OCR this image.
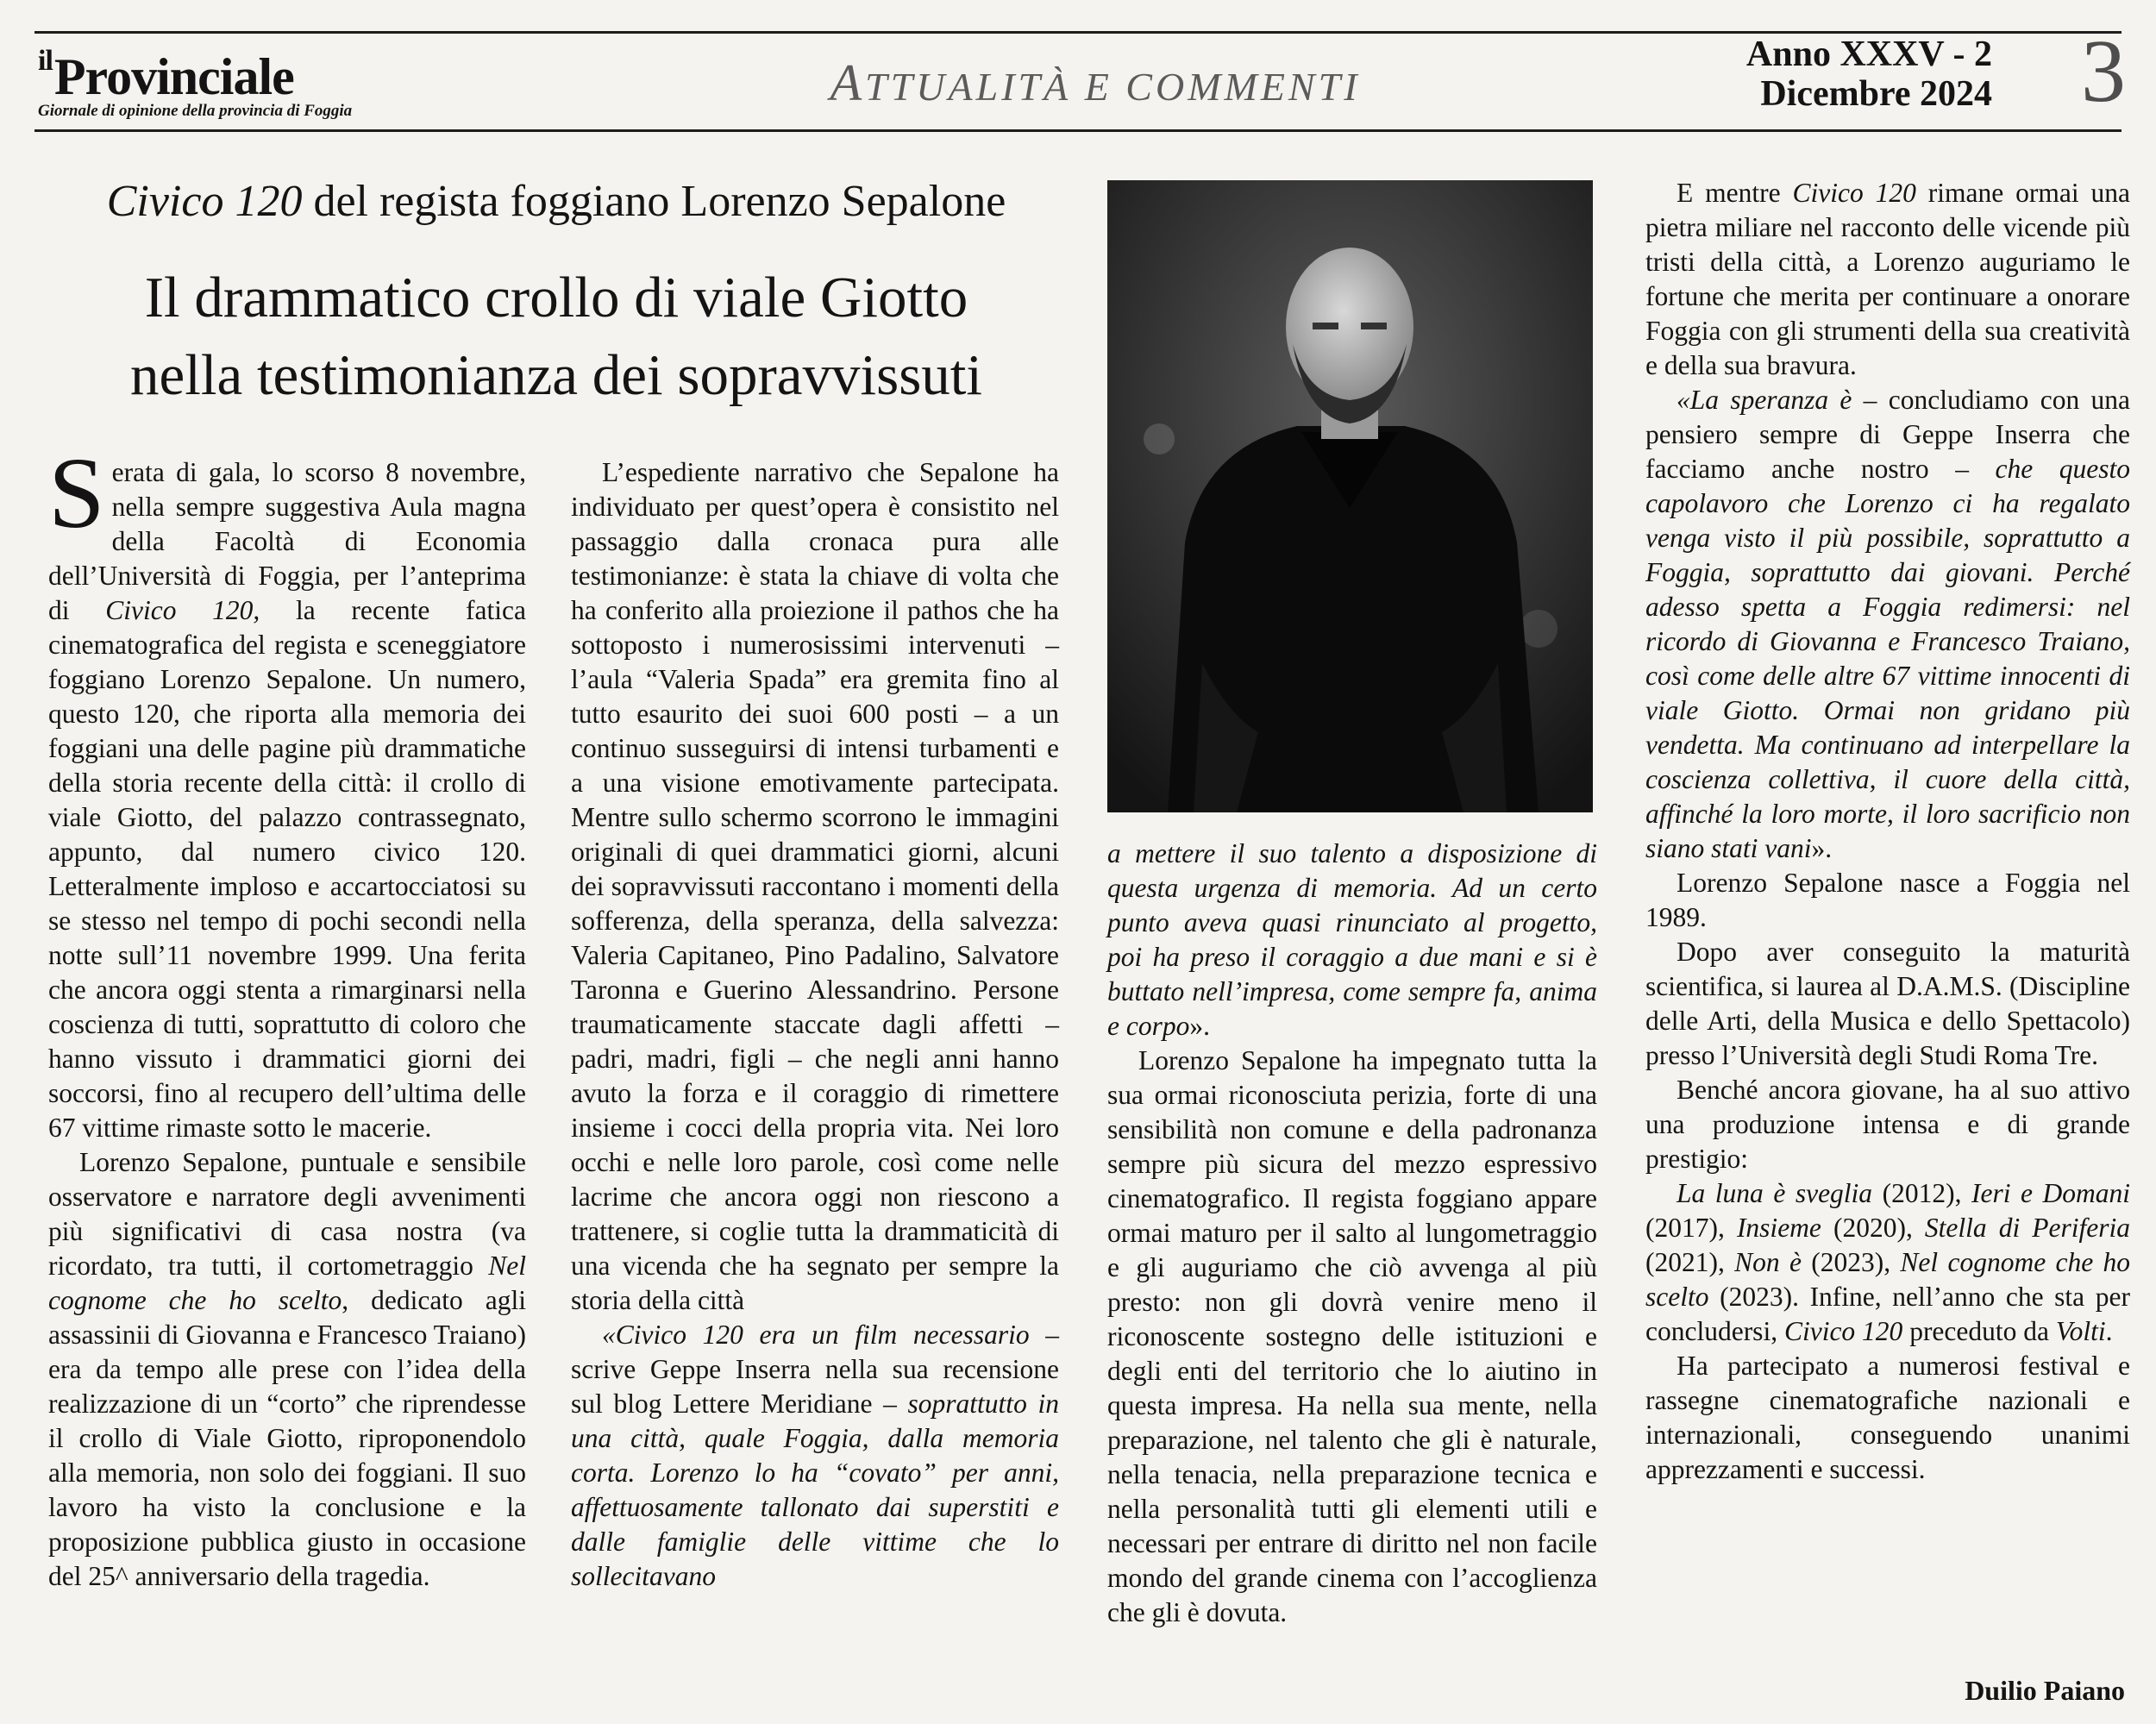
$^{il}$Provinciale
Giornale di opinione della provincia di Foggia	ATTUALITÀ E COMMENTI
Anno XXXV - 2
Dicembre 2024 3
Civico 120 del regista foggiano Lorenzo Sepalone
Il drammatico crollo di viale Giotto
nella testimonianza dei sopravvissuti

Serata di gala, lo scorso 8 novembre, nella sempre suggestiva Aula magna della Facoltà di Economia dell’Università di Foggia, per l’anteprima di Civico 120, la recente fatica cinematografica del regista e sceneggiatore foggiano Lorenzo Sepalone. Un numero, questo 120, che riporta alla memoria dei foggiani una delle pagine più drammatiche della storia recente della città: il crollo di viale Giotto, del palazzo contrassegnato, appunto, dal numero civico 120. Letteralmente imploso e accartocciatosi su se stesso nel tempo di pochi secondi nella notte sull’11 novembre 1999. Una ferita che ancora oggi stenta a rimarginarsi nella coscienza di tutti, soprattutto di coloro che hanno vissuto i drammatici giorni dei soccorsi, fino al recupero dell’ultima delle 67 vittime rimaste sotto le macerie.

Lorenzo Sepalone, puntuale e sensibile osservatore e narratore degli avvenimenti più significativi di casa nostra (va ricordato, tra tutti, il cortometraggio Nel cognome che ho scelto, dedicato agli assassinii di Giovanna e Francesco Traiano) era da tempo alle prese con l’idea della realizzazione di un “corto” che riprendesse il crollo di Viale Giotto, riproponendolo alla memoria, non solo dei foggiani. Il suo lavoro ha visto la conclusione e la proposizione pubblica giusto in occasione del 25^ anniversario della tragedia.

L’espediente narrativo che Sepalone ha individuato per quest’opera è consistito nel passaggio dalla cronaca pura alle testimonianze: è stata la chiave di volta che ha conferito alla proiezione il pathos che ha sottoposto i numerosissimi intervenuti – l’aula “Valeria Spada” era gremita fino al tutto esaurito dei suoi 600 posti – a un continuo susseguirsi di intensi turbamenti e a una visione emotivamente partecipata. Mentre sullo schermo scorrono le immagini originali di quei drammatici giorni, alcuni dei sopravvissuti raccontano i momenti della sofferenza, della speranza, della salvezza: Valeria Capitaneo, Pino Padalino, Salvatore Taronna e Guerino Alessandrino. Persone traumaticamente staccate dagli affetti – padri, madri, figli – che negli anni hanno avuto la forza e il coraggio di rimettere insieme i cocci della propria vita. Nei loro occhi e nelle loro parole, così come nelle lacrime che ancora oggi non riescono a trattenere, si coglie tutta la drammaticità di una vicenda che ha segnato per sempre la storia della città

«Civico 120 era un film necessario – scrive Geppe Inserra nella sua recensione sul blog Lettere Meridiane – soprattutto in una città, quale Foggia, dalla memoria corta. Lorenzo lo ha “covato” per anni, affettuosamente tallonato dai superstiti e dalle famiglie delle vittime che lo sollecitavano

a mettere il suo talento a disposizione di questa urgenza di memoria. Ad un certo punto aveva quasi rinunciato al progetto, poi ha preso il coraggio a due mani e si è buttato nell’impresa, come sempre fa, anima e corpo».

Lorenzo Sepalone ha impegnato tutta la sua ormai riconosciuta perizia, forte di una sensibilità non comune e della padronanza sempre più sicura del mezzo espressivo cinematografico. Il regista foggiano appare ormai maturo per il salto al lungometraggio e gli auguriamo che ciò avvenga al più presto: non gli dovrà venire meno il riconoscente sostegno delle istituzioni e degli enti del territorio che lo aiutino in questa impresa. Ha nella sua mente, nella preparazione, nel talento che gli è naturale, nella tenacia, nella preparazione tecnica e nella personalità tutti gli elementi utili e necessari per entrare di diritto nel non facile mondo del grande cinema con l’accoglienza che gli è dovuta.

E mentre Civico 120 rimane ormai una pietra miliare nel racconto delle vicende più tristi della città, a Lorenzo auguriamo le fortune che merita per continuare a onorare Foggia con gli strumenti della sua creatività e della sua bravura.

«La speranza è – concludiamo con una pensiero sempre di Geppe Inserra che facciamo anche nostro – che questo capolavoro che Lorenzo ci ha regalato venga visto il più possibile, soprattutto a Foggia, soprattutto dai giovani. Perché adesso spetta a Foggia redimersi: nel ricordo di Giovanna e Francesco Traiano, così come delle altre 67 vittime innocenti di viale Giotto. Ormai non gridano più vendetta. Ma continuano ad interpellare la coscienza collettiva, il cuore della città, affinché la loro morte, il loro sacrificio non siano stati vani».

Lorenzo Sepalone nasce a Foggia nel 1989.

Dopo aver conseguito la maturità scientifica, si laurea al D.A.M.S. (Discipline delle Arti, della Musica e dello Spettacolo) presso l’Università degli Studi Roma Tre.

Benché ancora giovane, ha al suo attivo una produzione intensa e di grande prestigio:

La luna è sveglia (2012), Ieri e Domani (2017), Insieme (2020), Stella di Periferia (2021), Non è (2023), Nel cognome che ho scelto (2023). Infine, nell’anno che sta per concludersi, Civico 120 preceduto da Volti.

Ha partecipato a numerosi festival e rassegne cinematografiche nazionali e internazionali, conseguendo unanimi apprezzamenti e successi.

Duilio Paiano
